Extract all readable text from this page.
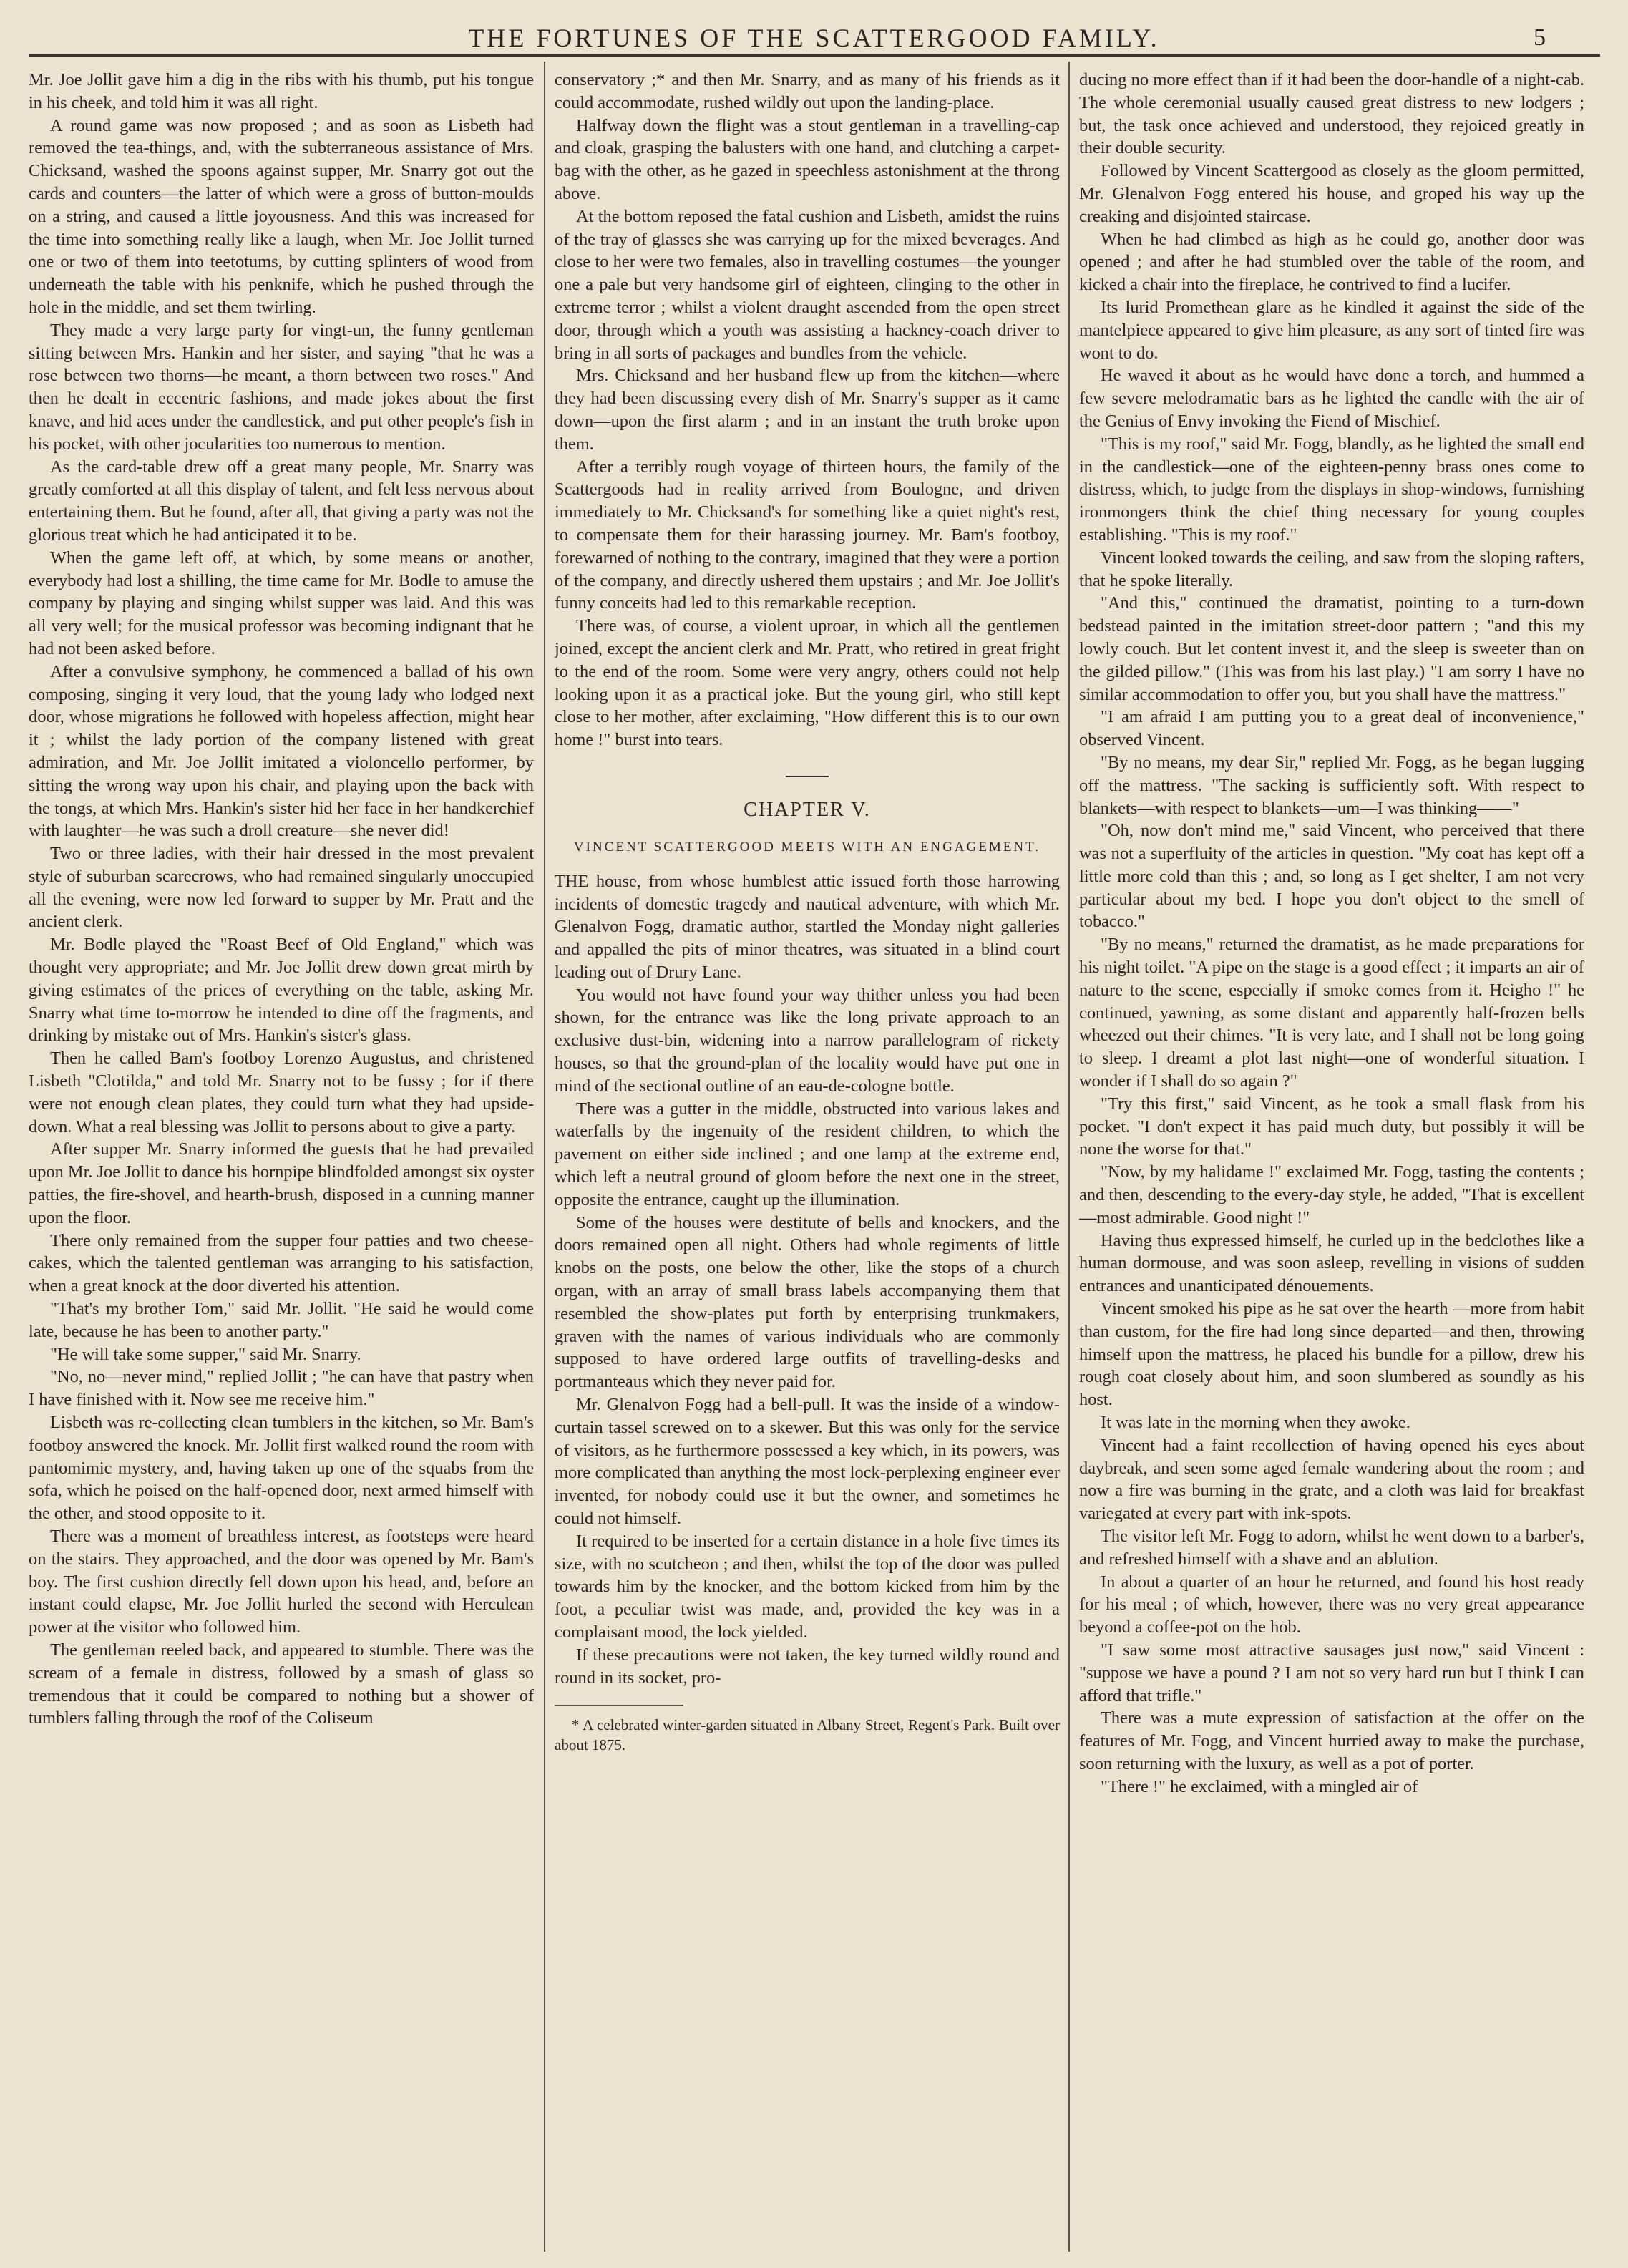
THE FORTUNES OF THE SCATTERGOOD FAMILY.	5

Mr. Joe Jollit gave him a dig in the ribs with his thumb, put his tongue in his cheek, and told him it was all right.

A round game was now proposed ; and as soon as Lisbeth had removed the tea-things, and, with the subterraneous assistance of Mrs. Chicksand, washed the spoons against supper, Mr. Snarry got out the cards and counters—the latter of which were a gross of button-moulds on a string, and caused a little joyousness. And this was increased for the time into something really like a laugh, when Mr. Joe Jollit turned one or two of them into teetotums, by cutting splinters of wood from underneath the table with his penknife, which he pushed through the hole in the middle, and set them twirling.

They made a very large party for vingt-un, the funny gentleman sitting between Mrs. Hankin and her sister, and saying "that he was a rose between two thorns—he meant, a thorn between two roses." And then he dealt in eccentric fashions, and made jokes about the first knave, and hid aces under the candlestick, and put other people's fish in his pocket, with other jocularities too numerous to mention.

As the card-table drew off a great many people, Mr. Snarry was greatly comforted at all this display of talent, and felt less nervous about entertaining them. But he found, after all, that giving a party was not the glorious treat which he had anticipated it to be.

When the game left off, at which, by some means or another, everybody had lost a shilling, the time came for Mr. Bodle to amuse the company by playing and singing whilst supper was laid. And this was all very well; for the musical professor was becoming indignant that he had not been asked before.

After a convulsive symphony, he commenced a ballad of his own composing, singing it very loud, that the young lady who lodged next door, whose migrations he followed with hopeless affection, might hear it ; whilst the lady portion of the company listened with great admiration, and Mr. Joe Jollit imitated a violoncello performer, by sitting the wrong way upon his chair, and playing upon the back with the tongs, at which Mrs. Hankin's sister hid her face in her handkerchief with laughter—he was such a droll creature—she never did!

Two or three ladies, with their hair dressed in the most prevalent style of suburban scarecrows, who had remained singularly unoccupied all the evening, were now led forward to supper by Mr. Pratt and the ancient clerk.

Mr. Bodle played the "Roast Beef of Old England," which was thought very appropriate; and Mr. Joe Jollit drew down great mirth by giving estimates of the prices of everything on the table, asking Mr. Snarry what time to-morrow he intended to dine off the fragments, and drinking by mistake out of Mrs. Hankin's sister's glass.

Then he called Bam's footboy Lorenzo Augustus, and christened Lisbeth "Clotilda," and told Mr. Snarry not to be fussy ; for if there were not enough clean plates, they could turn what they had upside-down. What a real blessing was Jollit to persons about to give a party.

After supper Mr. Snarry informed the guests that he had prevailed upon Mr. Joe Jollit to dance his hornpipe blindfolded amongst six oyster patties, the fire-shovel, and hearth-brush, disposed in a cunning manner upon the floor.

There only remained from the supper four patties and two cheese-cakes, which the talented gentleman was arranging to his satisfaction, when a great knock at the door diverted his attention.

"That's my brother Tom," said Mr. Jollit. "He said he would come late, because he has been to another party."

"He will take some supper," said Mr. Snarry.

"No, no—never mind," replied Jollit ; "he can have that pastry when I have finished with it. Now see me receive him."

Lisbeth was re-collecting clean tumblers in the kitchen, so Mr. Bam's footboy answered the knock. Mr. Jollit first walked round the room with pantomimic mystery, and, having taken up one of the squabs from the sofa, which he poised on the half-opened door, next armed himself with the other, and stood opposite to it.

There was a moment of breathless interest, as footsteps were heard on the stairs. They approached, and the door was opened by Mr. Bam's boy. The first cushion directly fell down upon his head, and, before an instant could elapse, Mr. Joe Jollit hurled the second with Herculean power at the visitor who followed him.

The gentleman reeled back, and appeared to stumble. There was the scream of a female in distress, followed by a smash of glass so tremendous that it could be compared to nothing but a shower of tumblers falling through the roof of the Coliseum

conservatory ;* and then Mr. Snarry, and as many of his friends as it could accommodate, rushed wildly out upon the landing-place.

Halfway down the flight was a stout gentleman in a travelling-cap and cloak, grasping the balusters with one hand, and clutching a carpet-bag with the other, as he gazed in speechless astonishment at the throng above.

At the bottom reposed the fatal cushion and Lisbeth, amidst the ruins of the tray of glasses she was carrying up for the mixed beverages. And close to her were two females, also in travelling costumes—the younger one a pale but very handsome girl of eighteen, clinging to the other in extreme terror ; whilst a violent draught ascended from the open street door, through which a youth was assisting a hackney-coach driver to bring in all sorts of packages and bundles from the vehicle.

Mrs. Chicksand and her husband flew up from the kitchen—where they had been discussing every dish of Mr. Snarry's supper as it came down—upon the first alarm ; and in an instant the truth broke upon them.

After a terribly rough voyage of thirteen hours, the family of the Scattergoods had in reality arrived from Boulogne, and driven immediately to Mr. Chicksand's for something like a quiet night's rest, to compensate them for their harassing journey. Mr. Bam's footboy, forewarned of nothing to the contrary, imagined that they were a portion of the company, and directly ushered them upstairs ; and Mr. Joe Jollit's funny conceits had led to this remarkable reception.

There was, of course, a violent uproar, in which all the gentlemen joined, except the ancient clerk and Mr. Pratt, who retired in great fright to the end of the room. Some were very angry, others could not help looking upon it as a practical joke. But the young girl, who still kept close to her mother, after exclaiming, "How different this is to our own home !" burst into tears.

CHAPTER V.
VINCENT SCATTERGOOD MEETS WITH AN ENGAGEMENT.

THE house, from whose humblest attic issued forth those harrowing incidents of domestic tragedy and nautical adventure, with which Mr. Glenalvon Fogg, dramatic author, startled the Monday night galleries and appalled the pits of minor theatres, was situated in a blind court leading out of Drury Lane.

You would not have found your way thither unless you had been shown, for the entrance was like the long private approach to an exclusive dust-bin, widening into a narrow parallelogram of rickety houses, so that the ground-plan of the locality would have put one in mind of the sectional outline of an eau-de-cologne bottle.

There was a gutter in the middle, obstructed into various lakes and waterfalls by the ingenuity of the resident children, to which the pavement on either side inclined ; and one lamp at the extreme end, which left a neutral ground of gloom before the next one in the street, opposite the entrance, caught up the illumination.

Some of the houses were destitute of bells and knockers, and the doors remained open all night. Others had whole regiments of little knobs on the posts, one below the other, like the stops of a church organ, with an array of small brass labels accompanying them that resembled the show-plates put forth by enterprising trunkmakers, graven with the names of various individuals who are commonly supposed to have ordered large outfits of travelling-desks and portmanteaus which they never paid for.

Mr. Glenalvon Fogg had a bell-pull. It was the inside of a window-curtain tassel screwed on to a skewer. But this was only for the service of visitors, as he furthermore possessed a key which, in its powers, was more complicated than anything the most lock-perplexing engineer ever invented, for nobody could use it but the owner, and sometimes he could not himself.

It required to be inserted for a certain distance in a hole five times its size, with no scutcheon ; and then, whilst the top of the door was pulled towards him by the knocker, and the bottom kicked from him by the foot, a peculiar twist was made, and, provided the key was in a complaisant mood, the lock yielded.

If these precautions were not taken, the key turned wildly round and round in its socket, pro-

* A celebrated winter-garden situated in Albany Street, Regent's Park. Built over about 1875.

ducing no more effect than if it had been the door-handle of a night-cab. The whole ceremonial usually caused great distress to new lodgers ; but, the task once achieved and understood, they rejoiced greatly in their double security.

Followed by Vincent Scattergood as closely as the gloom permitted, Mr. Glenalvon Fogg entered his house, and groped his way up the creaking and disjointed staircase.

When he had climbed as high as he could go, another door was opened ; and after he had stumbled over the table of the room, and kicked a chair into the fireplace, he contrived to find a lucifer.

Its lurid Promethean glare as he kindled it against the side of the mantelpiece appeared to give him pleasure, as any sort of tinted fire was wont to do.

He waved it about as he would have done a torch, and hummed a few severe melodramatic bars as he lighted the candle with the air of the Genius of Envy invoking the Fiend of Mischief.

"This is my roof," said Mr. Fogg, blandly, as he lighted the small end in the candlestick—one of the eighteen-penny brass ones come to distress, which, to judge from the displays in shop-windows, furnishing ironmongers think the chief thing necessary for young couples establishing. "This is my roof."

Vincent looked towards the ceiling, and saw from the sloping rafters, that he spoke literally.

"And this," continued the dramatist, pointing to a turn-down bedstead painted in the imitation street-door pattern ; "and this my lowly couch. But let content invest it, and the sleep is sweeter than on the gilded pillow." (This was from his last play.) "I am sorry I have no similar accommodation to offer you, but you shall have the mattress."

"I am afraid I am putting you to a great deal of inconvenience," observed Vincent.

"By no means, my dear Sir," replied Mr. Fogg, as he began lugging off the mattress. "The sacking is sufficiently soft. With respect to blankets—with respect to blankets—um—I was thinking——"

"Oh, now don't mind me," said Vincent, who perceived that there was not a superfluity of the articles in question. "My coat has kept off a little more cold than this ; and, so long as I get shelter, I am not very particular about my bed. I hope you don't object to the smell of tobacco."

"By no means," returned the dramatist, as he made preparations for his night toilet. "A pipe on the stage is a good effect ; it imparts an air of nature to the scene, especially if smoke comes from it. Heigho !" he continued, yawning, as some distant and apparently half-frozen bells wheezed out their chimes. "It is very late, and I shall not be long going to sleep. I dreamt a plot last night—one of wonderful situation. I wonder if I shall do so again ?"

"Try this first," said Vincent, as he took a small flask from his pocket. "I don't expect it has paid much duty, but possibly it will be none the worse for that."

"Now, by my halidame !" exclaimed Mr. Fogg, tasting the contents ; and then, descending to the every-day style, he added, "That is excellent—most admirable. Good night !"

Having thus expressed himself, he curled up in the bedclothes like a human dormouse, and was soon asleep, revelling in visions of sudden entrances and unanticipated dénouements.

Vincent smoked his pipe as he sat over the hearth —more from habit than custom, for the fire had long since departed—and then, throwing himself upon the mattress, he placed his bundle for a pillow, drew his rough coat closely about him, and soon slumbered as soundly as his host.

It was late in the morning when they awoke.

Vincent had a faint recollection of having opened his eyes about daybreak, and seen some aged female wandering about the room ; and now a fire was burning in the grate, and a cloth was laid for breakfast variegated at every part with ink-spots.

The visitor left Mr. Fogg to adorn, whilst he went down to a barber's, and refreshed himself with a shave and an ablution.

In about a quarter of an hour he returned, and found his host ready for his meal ; of which, however, there was no very great appearance beyond a coffee-pot on the hob.

"I saw some most attractive sausages just now," said Vincent : "suppose we have a pound ? I am not so very hard run but I think I can afford that trifle."

There was a mute expression of satisfaction at the offer on the features of Mr. Fogg, and Vincent hurried away to make the purchase, soon returning with the luxury, as well as a pot of porter.

"There !" he exclaimed, with a mingled air of
